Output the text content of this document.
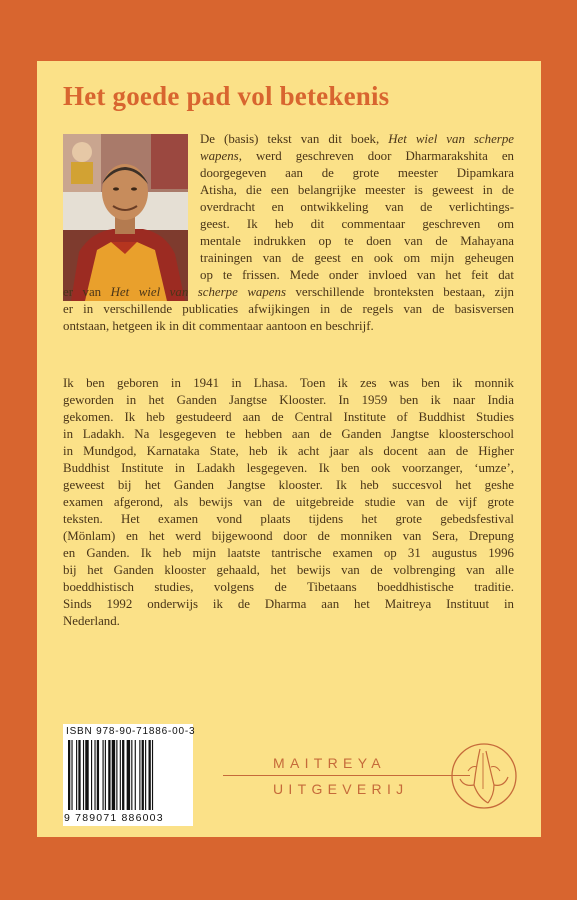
Het goede pad vol betekenis
De (basis) tekst van dit boek, Het wiel van scherpe
wapens, werd geschreven door Dharmarakshita en
doorgegeven aan de grote meester Dipamkara
Atisha, die een belangrijke meester is geweest in de
overdracht en ontwikkeling van de verlichtings-
geest. Ik heb dit commentaar geschreven om
mentale indrukken op te doen van de Mahayana
trainingen van de geest en ook om mijn geheugen
op te frissen. Mede onder invloed van het feit dat
er van Het wiel van scherpe wapens verschillende bronteksten bestaan, zijn
er in verschillende publicaties afwijkingen in de regels van de basisversen
ontstaan, hetgeen ik in dit commentaar aantoon en beschrijf.
Ik ben geboren in 1941 in Lhasa. Toen ik zes was ben ik monnik
geworden in het Ganden Jangtse Klooster. In 1959 ben ik naar India
gekomen. Ik heb gestudeerd aan de Central Institute of Buddhist Studies
in Ladakh. Na lesgegeven te hebben aan de Ganden Jangtse kloosterschool
in Mundgod, Karnataka State, heb ik acht jaar als docent aan de Higher
Buddhist Institute in Ladakh lesgegeven. Ik ben ook voorzanger, ‘umze’,
geweest bij het Ganden Jangtse klooster. Ik heb succesvol het geshe
examen afgerond, als bewijs van de uitgebreide studie van de vijf grote
teksten. Het examen vond plaats tijdens het grote gebedsfestival
(Mönlam) en het werd bijgewoond door de monniken van Sera, Drepung
en Ganden. Ik heb mijn laatste tantrische examen op 31 augustus 1996
bij het Ganden klooster gehaald, het bewijs van de volbrenging van alle
boeddhistisch studies, volgens de Tibetaans boeddhistische traditie.
Sinds 1992 onderwijs ik de Dharma aan het Maitreya Instituut in
Nederland.
ISBN 978-90-71886-00-3
9 789071 886003
MAITREYA
UITGEVERIJ
